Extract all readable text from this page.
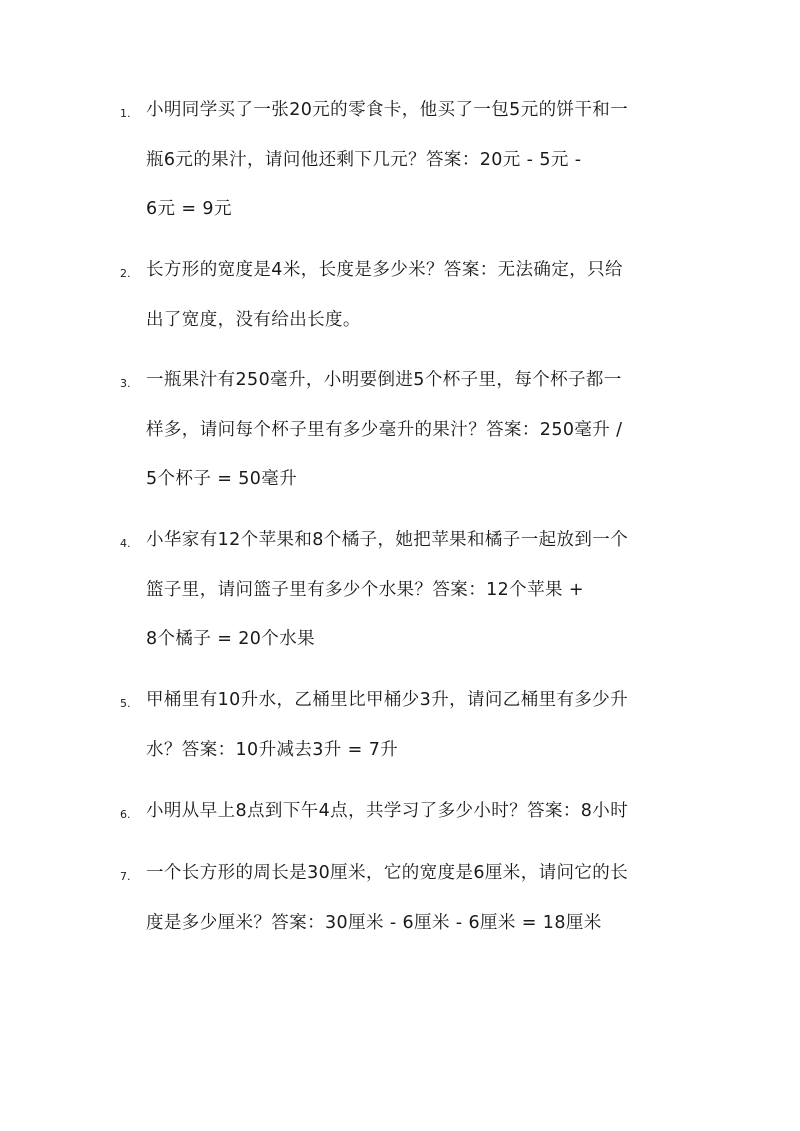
1. 小明同学买了一张20元的零食卡，他买了一包5元的饼干和一
瓶6元的果汁，请问他还剩下几元？答案：20元 - 5元 -
6元 = 9元
2. 长方形的宽度是4米，长度是多少米？答案：无法确定，只给
出了宽度，没有给出长度。
3. 一瓶果汁有250毫升，小明要倒进5个杯子里，每个杯子都一
样多，请问每个杯子里有多少毫升的果汁？答案：250毫升 /
5个杯子 = 50毫升
4. 小华家有12个苹果和8个橘子，她把苹果和橘子一起放到一个
篮子里，请问篮子里有多少个水果？答案：12个苹果 +
8个橘子 = 20个水果
5. 甲桶里有10升水，乙桶里比甲桶少3升，请问乙桶里有多少升
水？答案：10升减去3升 = 7升
6. 小明从早上8点到下午4点，共学习了多少小时？答案：8小时
7. 一个长方形的周长是30厘米，它的宽度是6厘米，请问它的长
度是多少厘米？答案：30厘米 - 6厘米 - 6厘米 = 18厘米
